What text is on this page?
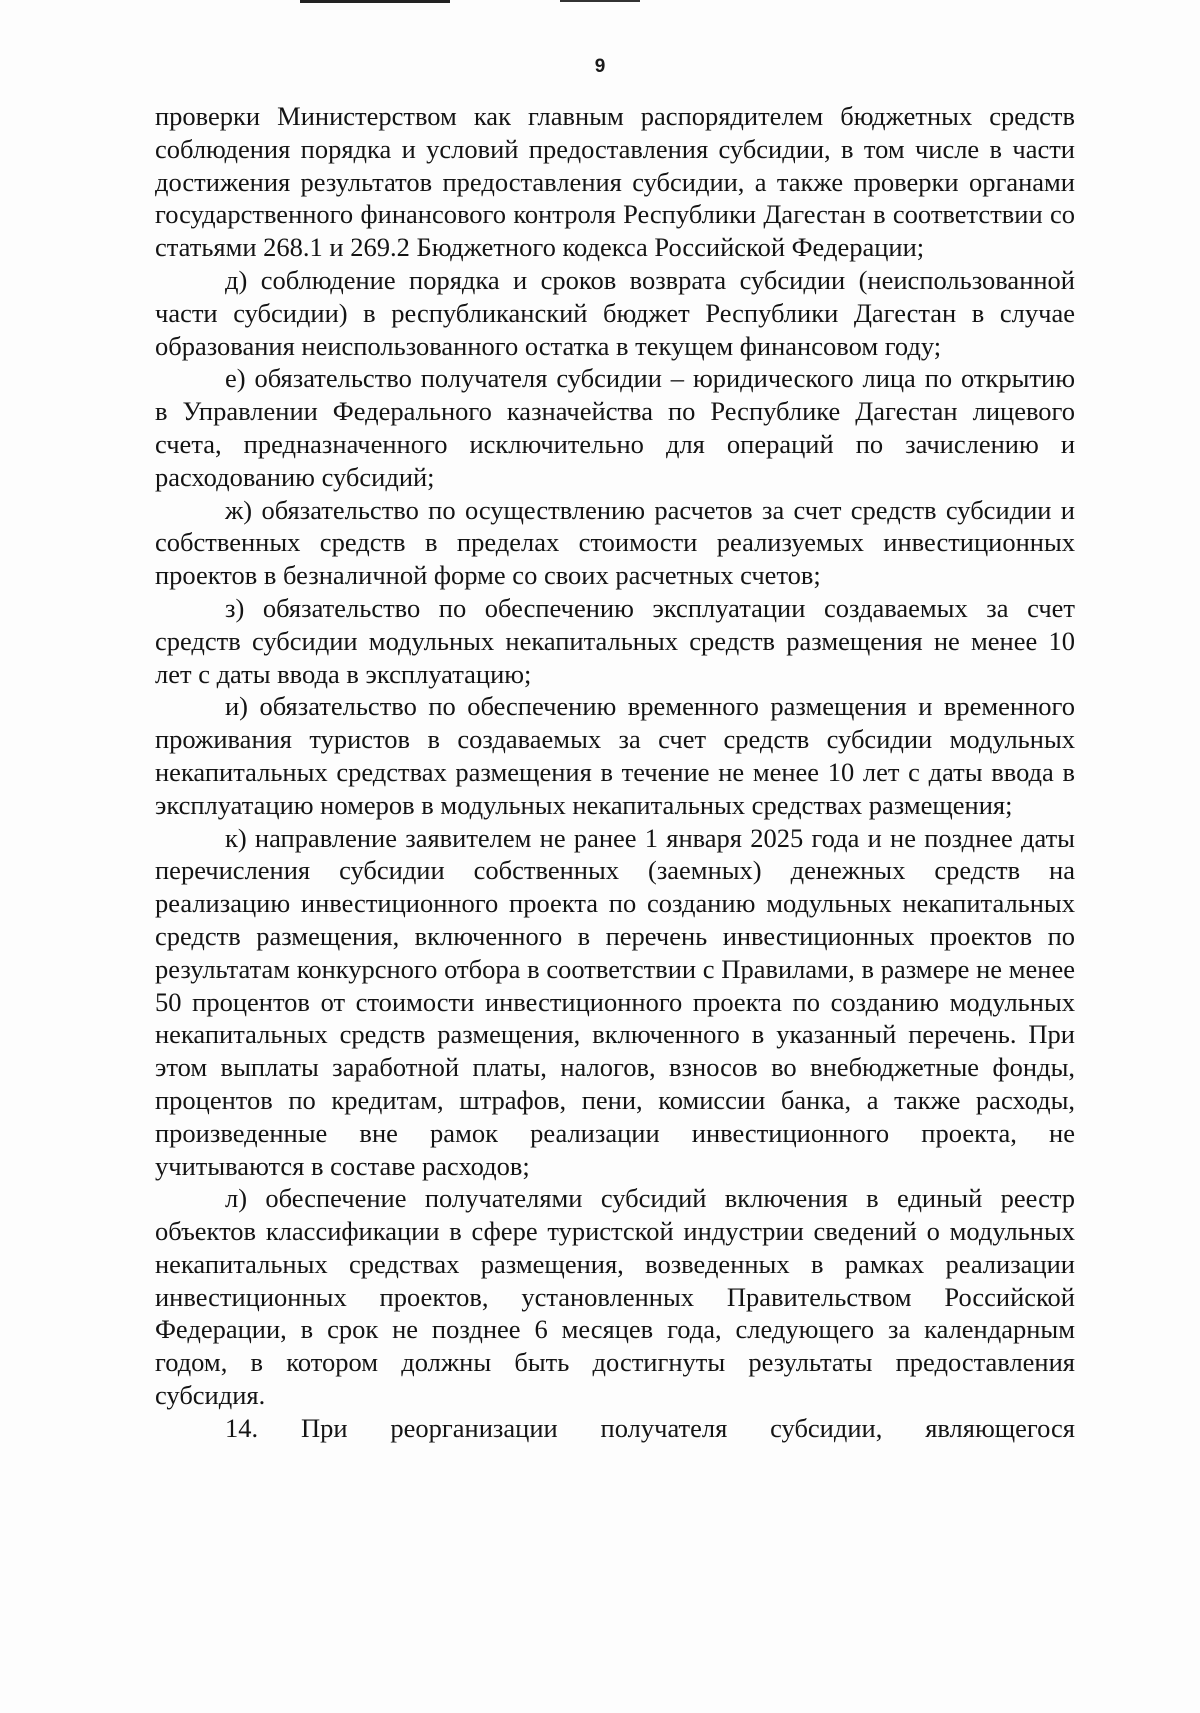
9

проверки Министерством как главным распорядителем бюджетных средств соблюдения порядка и условий предоставления субсидии, в том числе в части достижения результатов предоставления субсидии, а также проверки органами государственного финансового контроля Республики Дагестан в соответствии со статьями 268.1 и 269.2 Бюджетного кодекса Российской Федерации;

д) соблюдение порядка и сроков возврата субсидии (неиспользованной части субсидии) в республиканский бюджет Республики Дагестан в случае образования неиспользованного остатка в текущем финансовом году;

е) обязательство получателя субсидии – юридического лица по открытию в Управлении Федерального казначейства по Республике Дагестан лицевого счета, предназначенного исключительно для операций по зачислению и расходованию субсидий;

ж) обязательство по осуществлению расчетов за счет средств субсидии и собственных средств в пределах стоимости реализуемых инвестиционных проектов в безналичной форме со своих расчетных счетов;

з) обязательство по обеспечению эксплуатации создаваемых за счет средств субсидии модульных некапитальных средств размещения не менее 10 лет с даты ввода в эксплуатацию;

и) обязательство по обеспечению временного размещения и временного проживания туристов в создаваемых за счет средств субсидии модульных некапитальных средствах размещения в течение не менее 10 лет с даты ввода в эксплуатацию номеров в модульных некапитальных средствах размещения;

к) направление заявителем не ранее 1 января 2025 года и не позднее даты перечисления субсидии собственных (заемных) денежных средств на реализацию инвестиционного проекта по созданию модульных некапитальных средств размещения, включенного в перечень инвестиционных проектов по результатам конкурсного отбора в соответствии с Правилами, в размере не менее 50 процентов от стоимости инвестиционного проекта по созданию модульных некапитальных средств размещения, включенного в указанный перечень. При этом выплаты заработной платы, налогов, взносов во внебюджетные фонды, процентов по кредитам, штрафов, пени, комиссии банка, а также расходы, произведенные вне рамок реализации инвестиционного проекта, не учитываются в составе расходов;

л) обеспечение получателями субсидий включения в единый реестр объектов классификации в сфере туристской индустрии сведений о модульных некапитальных средствах размещения, возведенных в рамках реализации инвестиционных проектов, установленных Правительством Российской Федерации, в срок не позднее 6 месяцев года, следующего за календарным годом, в котором должны быть достигнуты результаты предоставления субсидия.

14. При реорганизации получателя субсидии, являющегося
